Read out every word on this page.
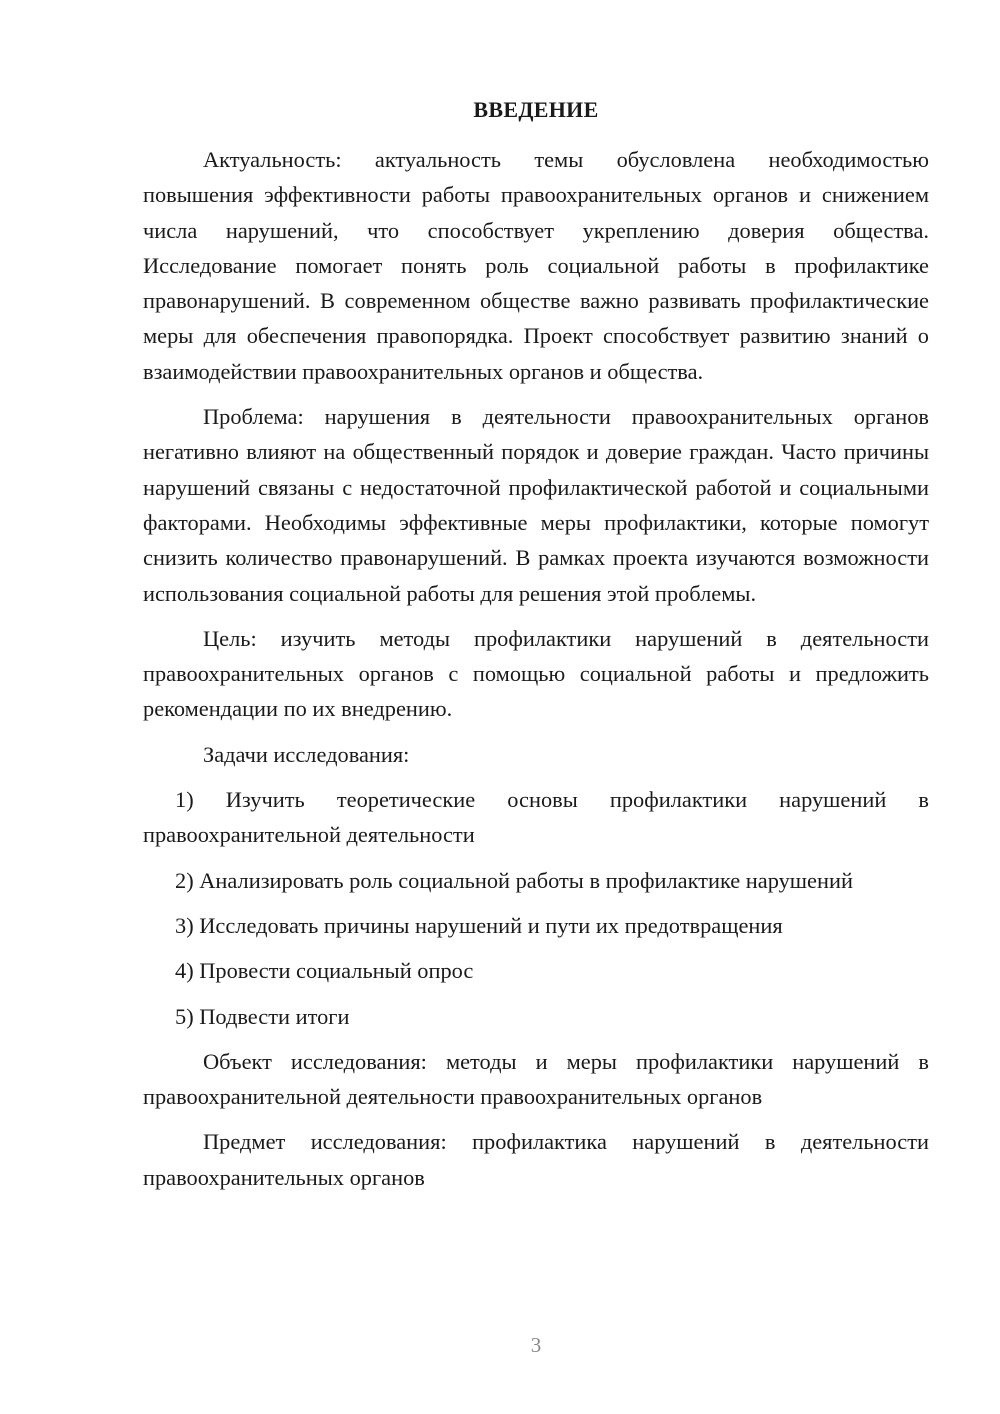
ВВЕДЕНИЕ

Актуальность: актуальность темы обусловлена необходимостью повышения эффективности работы правоохранительных органов и снижением числа нарушений, что способствует укреплению доверия общества. Исследование помогает понять роль социальной работы в профилактике правонарушений. В современном обществе важно развивать профилактические меры для обеспечения правопорядка. Проект способствует развитию знаний о взаимодействии правоохранительных органов и общества.

Проблема: нарушения в деятельности правоохранительных органов негативно влияют на общественный порядок и доверие граждан. Часто причины нарушений связаны с недостаточной профилактической работой и социальными факторами. Необходимы эффективные меры профилактики, которые помогут снизить количество правонарушений. В рамках проекта изучаются возможности использования социальной работы для решения этой проблемы.

Цель: изучить методы профилактики нарушений в деятельности правоохранительных органов с помощью социальной работы и предложить рекомендации по их внедрению.

Задачи исследования:

1) Изучить теоретические основы профилактики нарушений в правоохранительной деятельности

2) Анализировать роль социальной работы в профилактике нарушений

3) Исследовать причины нарушений и пути их предотвращения

4) Провести социальный опрос

5) Подвести итоги

Объект исследования: методы и меры профилактики нарушений в правоохранительной деятельности правоохранительных органов

Предмет исследования: профилактика нарушений в деятельности правоохранительных органов

3
